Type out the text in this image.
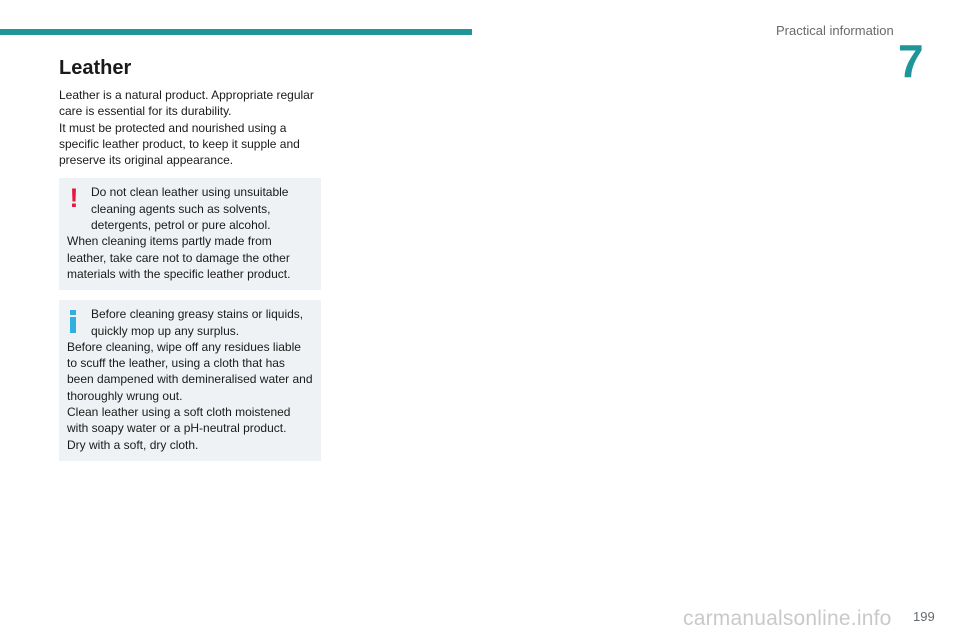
Practical information
7
Leather

Leather is a natural product. Appropriate regular care is essential for its durability.

It must be protected and nourished using a specific leather product, to keep it supple and preserve its original appearance.

!	Do not clean leather using unsuitable cleaning agents such as solvents, detergents, petrol or pure alcohol.

When cleaning items partly made from leather, take care not to damage the other materials with the specific leather product.

Before cleaning greasy stains or liquids, quickly mop up any surplus.

Before cleaning, wipe off any residues liable to scuff the leather, using a cloth that has been dampened with demineralised water and thoroughly wrung out.

Clean leather using a soft cloth moistened with soapy water or a pH-neutral product.

Dry with a soft, dry cloth.

carmanualsonline.info 199
